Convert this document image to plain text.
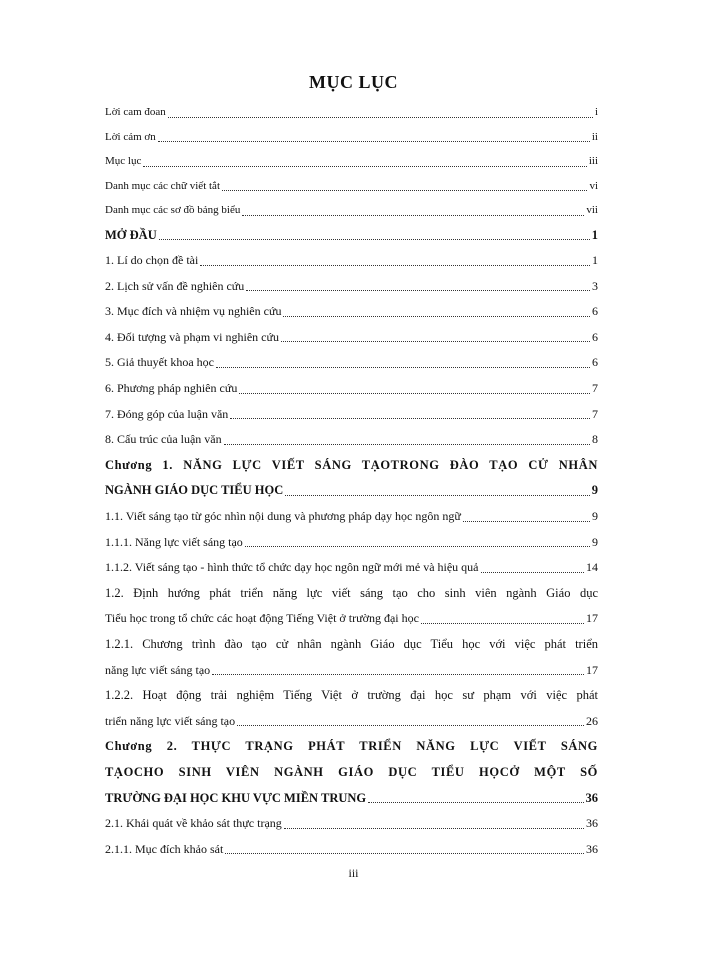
MỤC LỤC
Lời cam đoan	i
Lời cảm ơn	ii
Mục lục	iii
Danh mục các chữ viết tắt	vi
Danh mục các sơ đồ bảng biểu	vii
MỞ ĐẦU	1
1. Lí do chọn đề tài	1
2. Lịch sử vấn đề nghiên cứu	3
3. Mục đích và nhiệm vụ nghiên cứu	6
4. Đối tượng và phạm vi nghiên cứu	6
5. Giả thuyết khoa học	6
6. Phương pháp nghiên cứu	7
7. Đóng góp của luận văn	7
8. Cấu trúc của luận văn	8
Chương 1. NĂNG LỰC VIẾT SÁNG TẠOTRONG ĐÀO TẠO CỬ NHÂN
NGÀNH GIÁO DỤC TIỂU HỌC	9
1.1. Viết sáng tạo từ góc nhìn nội dung và phương pháp dạy học ngôn ngữ	9
1.1.1. Năng lực viết sáng tạo	9
1.1.2. Viết sáng tạo - hình thức tổ chức dạy học ngôn ngữ mới mẻ và hiệu quả	14
1.2. Định hướng phát triển năng lực viết sáng tạo cho sinh viên ngành Giáo dục
Tiểu học trong tổ chức các hoạt động Tiếng Việt ở trường đại học	17
1.2.1. Chương trình đào tạo cử nhân ngành Giáo dục Tiểu học với việc phát triển
năng lực viết sáng tạo	17
1.2.2. Hoạt động trải nghiệm Tiếng Việt ở trường đại học sư phạm với việc phát
triển năng lực viết sáng tạo	26
Chương 2. THỰC TRẠNG PHÁT TRIỂN NĂNG LỰC VIẾT SÁNG
TẠOCHO SINH VIÊN NGÀNH GIÁO DỤC TIỂU HỌCỞ MỘT SỐ
TRƯỜNG ĐẠI HỌC KHU VỰC MIỀN TRUNG	36
2.1. Khái quát về khảo sát thực trạng	36
2.1.1. Mục đích khảo sát	36
iii
